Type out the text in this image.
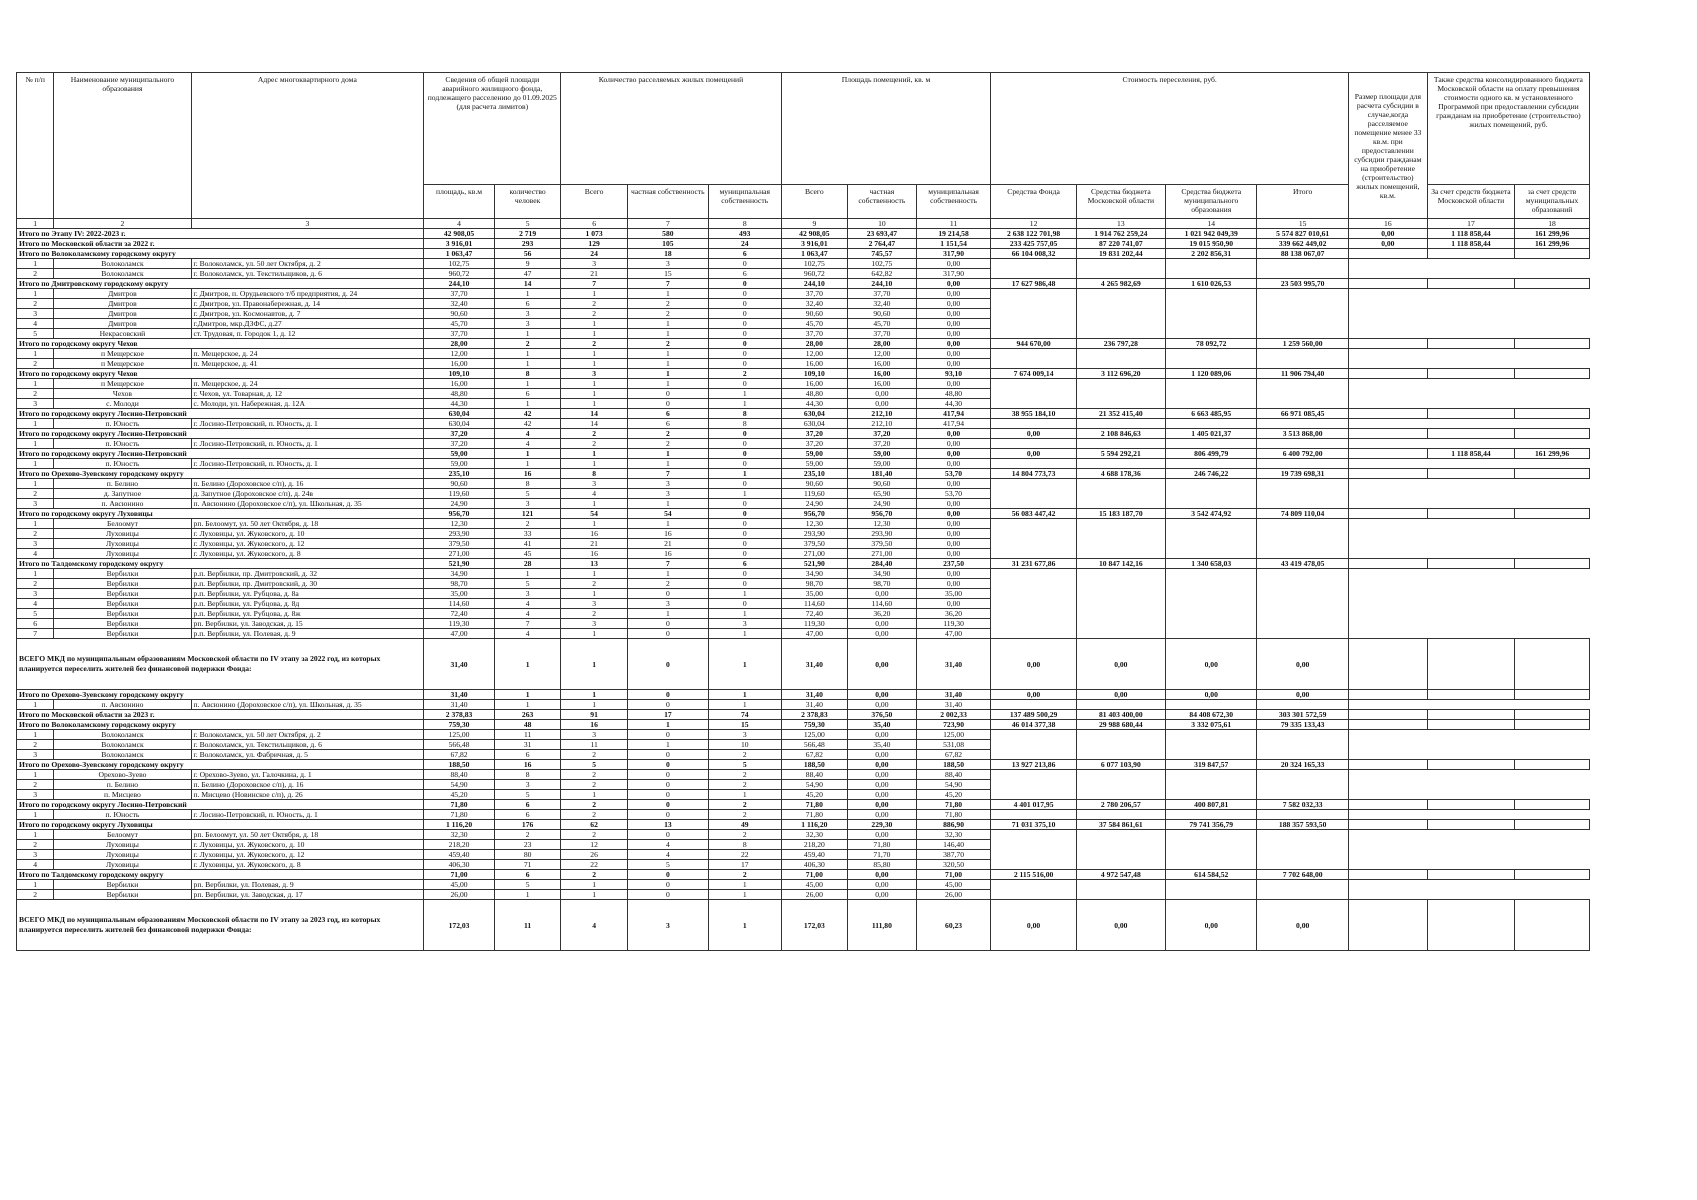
№ п/п	Наименование муниципального образования	Адрес многоквартирного дома	Сведения об общей площади аварийного жилищного фонда, подлежащего расселению до 01.09.2025 (для расчета лимитов)		Количество расселяемых жилых помещений			Площадь помещений, кв. м			Стоимость переселения, руб.				Размер площади для расчета субсидии в случае,когда расселяемое помещение менее 33 кв.м. при предоставлении субсидии гражданам на приобретение (строительство) жилых помещений, кв.м.	Также средства консолидированного бюджета Московской области на оплату превышения стоимости одного кв. м установленного Программой при предоставлении субсидии гражданам на приобретение (строительство) жилых помещений, руб.	
			площадь, кв.м	количество человек	Всего	частная собственность	муниципальная собственность	Всего	частная собственность	муниципальная собственность	Средства Фонда	Средства бюджета Московской области	Средства бюджета муниципального образования	Итого		За счет средств бюджета Московской области	за счет средств муниципальных образований
1	2	3	4	5	6	7	8	9	10	11	12	13	14	15	16	17	18
Итого по Этапу IV: 2022-2023 г.			42 908,05	2 719	1 073	580	493	42 908,05	23 693,47	19 214,58	2 638 122 701,98	1 914 762 259,24	1 021 942 049,39	5 574 827 010,61	0,00	1 118 858,44	161 299,96
Итого по Московской области за 2022 г.			3 916,01	293	129	105	24	3 916,01	2 764,47	1 151,54	233 425 757,05	87 220 741,07	19 015 950,90	339 662 449,02	0,00	1 118 858,44	161 299,96
Итого по Волоколамскому городскому округу			1 063,47	56	24	18	6	1 063,47	745,57	317,90	66 104 008,32	19 831 202,44	2 202 856,31	88 138 067,07			
1	Волоколамск	г. Волоколамск, ул. 50 лет Октября, д. 2	102,75	9	3	3	0	102,75	102,75	0,00							
2	Волоколамск	г. Волоколамск, ул. Текстильщиков, д. 6	960,72	47	21	15	6	960,72	642,82	317,90							
Итого по Дмитровскому городскому округу			244,10	14	7	7	0	244,10	244,10	0,00	17 627 986,48	4 265 982,69	1 610 026,53	23 503 995,70			
1	Дмитров	г. Дмитров, п. Орудьевского т/б предприятия, д. 24	37,70	1	1	1	0	37,70	37,70	0,00							
2	Дмитров	г. Дмитров, ул. Правонабережная, д. 14	32,40	6	2	2	0	32,40	32,40	0,00							
3	Дмитров	г. Дмитров, ул. Космонавтов, д. 7	90,60	3	2	2	0	90,60	90,60	0,00							
4	Дмитров	г.Дмитров, мкр.ДЗФС, д.27	45,70	3	1	1	0	45,70	45,70	0,00							
5	Некрасовский	ст. Трудовая, п. Городок 1, д. 12	37,70	1	1	1	0	37,70	37,70	0,00							
Итого по городскому округу Чехов			28,00	2	2	2	0	28,00	28,00	0,00	944 670,00	236 797,28	78 092,72	1 259 560,00			
1	п Мещерское	п. Мещерское, д. 24	12,00	1	1	1	0	12,00	12,00	0,00							
2	п Мещерское	п. Мещерское, д. 41	16,00	1	1	1	0	16,00	16,00	0,00							
Итого по городскому округу Чехов			109,10	8	3	1	2	109,10	16,00	93,10	7 674 009,14	3 112 696,20	1 120 089,06	11 906 794,40			
1	п Мещерское	п. Мещерское, д. 24	16,00	1	1	1	0	16,00	16,00	0,00							
2	Чехов	г. Чехов, ул. Товарная, д. 12	48,80	6	1	0	1	48,80	0,00	48,80							
3	с. Молоди	с. Молоди, ул. Набережная, д. 12А	44,30	1	1	0	1	44,30	0,00	44,30							
Итого по городскому округу Лосино-Петровский			630,04	42	14	6	8	630,04	212,10	417,94	38 955 184,10	21 352 415,40	6 663 485,95	66 971 085,45			
1	п. Юность	г. Лосино-Петровский, п. Юность, д. 1	630,04	42	14	6	8	630,04	212,10	417,94							
Итого по городскому округу Лосино-Петровский			37,20	4	2	2	0	37,20	37,20	0,00	0,00	2 108 846,63	1 405 021,37	3 513 868,00			
1	п. Юность	г. Лосино-Петровский, п. Юность, д. 1	37,20	4	2	2	0	37,20	37,20	0,00							
Итого по городскому округу Лосино-Петровский			59,00	1	1	1	0	59,00	59,00	0,00	0,00	5 594 292,21	806 499,79	6 400 792,00		1 118 858,44	161 299,96
1	п. Юность	г. Лосино-Петровский, п. Юность, д. 1	59,00	1	1	1	0	59,00	59,00	0,00							
Итого по Орехово-Зуевскому городскому округу			235,10	16	8	7	1	235,10	181,40	53,70	14 804 773,73	4 688 178,36	246 746,22	19 739 698,31			
1	п. Белино	п. Белино (Дороховское с/п), д. 16	90,60	8	3	3	0	90,60	90,60	0,00							
2	д. Запутное	д. Запутное (Дороховское с/п), д. 24в	119,60	5	4	3	1	119,60	65,90	53,70							
3	п. Авсюнино	п. Авсюнино (Дороховское с/п), ул. Школьная, д. 35	24,90	3	1	1	0	24,90	24,90	0,00							
Итого по городскому округу Луховицы			956,70	121	54	54	0	956,70	956,70	0,00	56 083 447,42	15 183 187,70	3 542 474,92	74 809 110,04			
1	Белоомут	рп. Белоомут, ул. 50 лет Октября, д. 18	12,30	2	1	1	0	12,30	12,30	0,00							
2	Луховицы	г. Луховицы, ул. Жуковского, д. 10	293,90	33	16	16	0	293,90	293,90	0,00							
3	Луховицы	г. Луховицы, ул. Жуковского, д. 12	379,50	41	21	21	0	379,50	379,50	0,00							
4	Луховицы	г. Луховицы, ул. Жуковского, д. 8	271,00	45	16	16	0	271,00	271,00	0,00							
Итого по Талдомскому городскому округу			521,90	28	13	7	6	521,90	284,40	237,50	31 231 677,86	10 847 142,16	1 340 658,03	43 419 478,05			
1	Вербилки	р.п. Вербилки, пр. Дмитровский, д. 32	34,90	1	1	1	0	34,90	34,90	0,00							
2	Вербилки	р.п. Вербилки, пр. Дмитровский, д. 30	98,70	5	2	2	0	98,70	98,70	0,00							
3	Вербилки	р.п. Вербилки, ул. Рубцова, д. 8а	35,00	3	1	0	1	35,00	0,00	35,00							
4	Вербилки	р.п. Вербилки, ул. Рубцова, д. 8д	114,60	4	3	3	0	114,60	114,60	0,00							
5	Вербилки	р.п. Вербилки, ул. Рубцова, д. 8ж	72,40	4	2	1	1	72,40	36,20	36,20							
6	Вербилки	рп. Вербилки, ул. Заводская, д. 15	119,30	7	3	0	3	119,30	0,00	119,30							
7	Вербилки	р.п. Вербилки, ул. Полевая, д. 9	47,00	4	1	0	1	47,00	0,00	47,00							
ВСЕГО МКД по муниципальным образованиям Московской области по IV этапу за 2022 год, из которых планируется переселить жителей без финансовой подержки Фонда:			31,40	1	1	0	1	31,40	0,00	31,40	0,00	0,00	0,00	0,00			
Итого по Орехово-Зуевскому городскому округу			31,40	1	1	0	1	31,40	0,00	31,40	0,00	0,00	0,00	0,00			
1	п. Авсюнино	п. Авсюнино (Дороховское с/п), ул. Школьная, д. 35	31,40	1	1	0	1	31,40	0,00	31,40							
Итого по Московской области за 2023 г.			2 378,83	263	91	17	74	2 378,83	376,50	2 002,33	137 489 500,29	81 403 400,00	84 408 672,30	303 301 572,59			
Итого по Волоколамскому городскому округу			759,30	48	16	1	15	759,30	35,40	723,90	46 014 377,38	29 988 680,44	3 332 075,61	79 335 133,43			
1	Волоколамск	г. Волоколамск, ул. 50 лет Октября, д. 2	125,00	11	3	0	3	125,00	0,00	125,00							
2	Волоколамск	г. Волоколамск, ул. Текстильщиков, д. 6	566,48	31	11	1	10	566,48	35,40	531,08							
3	Волоколамск	г. Волоколамск, ул. Фабричная, д. 5	67,82	6	2	0	2	67,82	0,00	67,82							
Итого по Орехово-Зуевскому городскому округу			188,50	16	5	0	5	188,50	0,00	188,50	13 927 213,86	6 077 103,90	319 847,57	20 324 165,33			
1	Орехово-Зуево	г. Орехово-Зуево, ул. Галочкина, д. 1	88,40	8	2	0	2	88,40	0,00	88,40							
2	п. Белино	п. Белино (Дороховское с/п), д. 16	54,90	3	2	0	2	54,90	0,00	54,90							
3	п. Мисцево	п. Мисцево (Новинское с/п), д. 26	45,20	5	1	0	1	45,20	0,00	45,20							
Итого по городскому округу Лосино-Петровский			71,80	6	2	0	2	71,80	0,00	71,80	4 401 017,95	2 780 206,57	400 807,81	7 582 032,33			
1	п. Юность	г. Лосино-Петровский, п. Юность, д. 1	71,80	6	2	0	2	71,80	0,00	71,80							
Итого по городскому округу Луховицы			1 116,20	176	62	13	49	1 116,20	229,30	886,90	71 031 375,10	37 584 861,61	79 741 356,79	188 357 593,50			
1	Белоомут	рп. Белоомут, ул. 50 лет Октября, д. 18	32,30	2	2	0	2	32,30	0,00	32,30							
2	Луховицы	г. Луховицы, ул. Жуковского, д. 10	218,20	23	12	4	8	218,20	71,80	146,40							
3	Луховицы	г. Луховицы, ул. Жуковского, д. 12	459,40	80	26	4	22	459,40	71,70	387,70							
4	Луховицы	г. Луховицы, ул. Жуковского, д. 8	406,30	71	22	5	17	406,30	85,80	320,50							
Итого по Талдомскому городскому округу			71,00	6	2	0	2	71,00	0,00	71,00	2 115 516,00	4 972 547,48	614 584,52	7 702 648,00			
1	Вербилки	рп. Вербилки, ул. Полевая, д. 9	45,00	5	1	0	1	45,00	0,00	45,00							
2	Вербилки	рп. Вербилки, ул. Заводская, д. 17	26,00	1	1	0	1	26,00	0,00	26,00							
ВСЕГО МКД по муниципальным образованиям Московской области по IV этапу за 2023 год, из которых планируется переселить жителей без финансовой подержки Фонда:			172,03	11	4	3	1	172,03	111,80	60,23	0,00	0,00	0,00	0,00			
